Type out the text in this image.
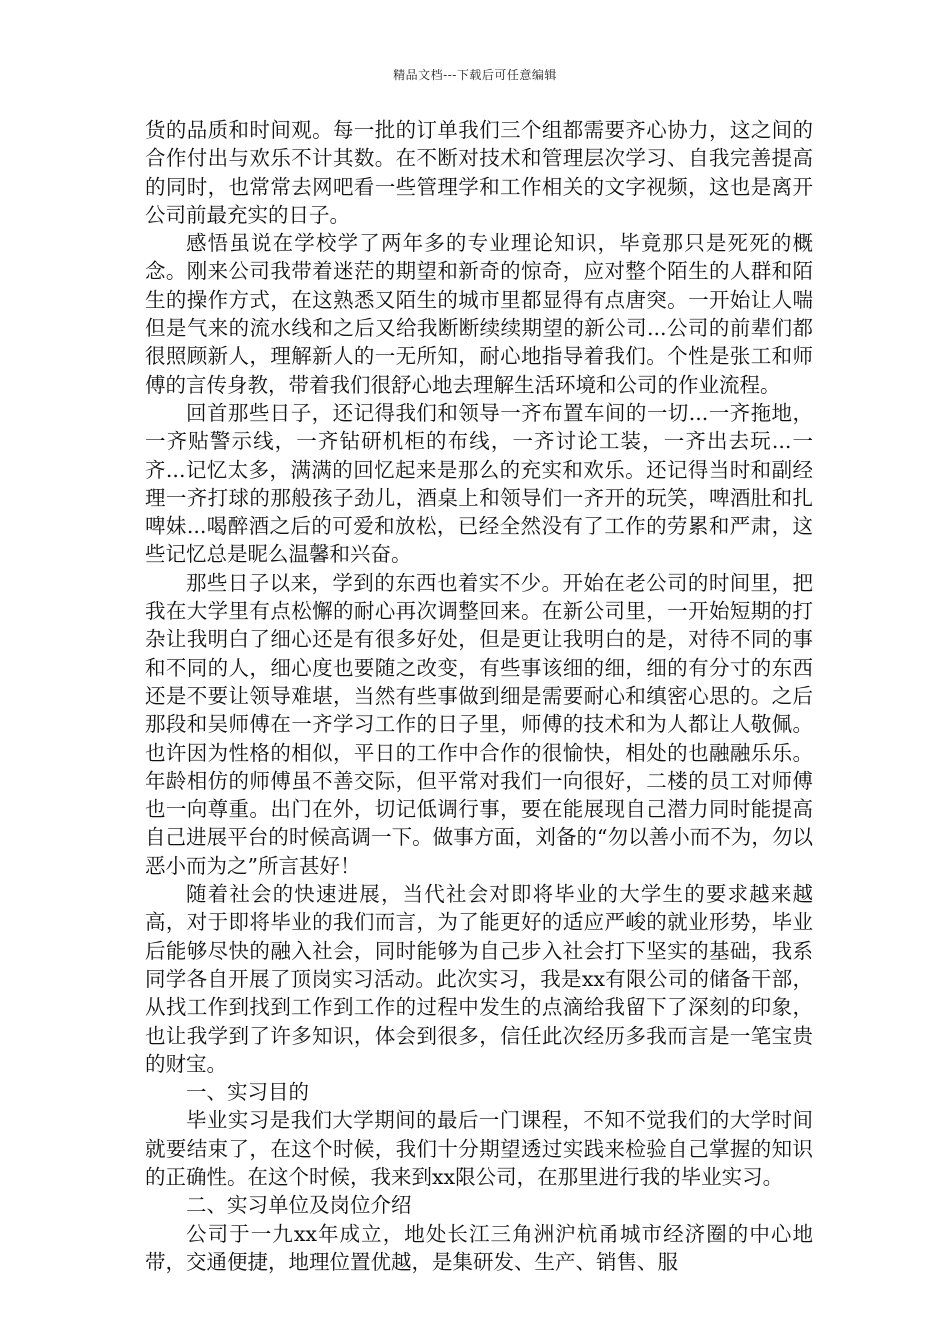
精品文档---下载后可任意编辑

货的品质和时间观。每一批的订单我们三个组都需要齐心协力，这之间的合作付出与欢乐不计其数。在不断对技术和管理层次学习、自我完善提高的同时，也常常去网吧看一些管理学和工作相关的文字视频，这也是离开公司前最充实的日子。

感悟虽说在学校学了两年多的专业理论知识，毕竟那只是死死的概念。刚来公司我带着迷茫的期望和新奇的惊奇，应对整个陌生的人群和陌生的操作方式，在这熟悉又陌生的城市里都显得有点唐突。一开始让人喘但是气来的流水线和之后又给我断断续续期望的新公司...公司的前辈们都很照顾新人，理解新人的一无所知，耐心地指导着我们。个性是张工和师傅的言传身教，带着我们很舒心地去理解生活环境和公司的作业流程。

回首那些日子，还记得我们和领导一齐布置车间的一切...一齐拖地，一齐贴警示线，一齐钻研机柜的布线，一齐讨论工装，一齐出去玩...一齐...记忆太多，满满的回忆起来是那么的充实和欢乐。还记得当时和副经理一齐打球的那般孩子劲儿，酒桌上和领导们一齐开的玩笑，啤酒肚和扎啤妹...喝醉酒之后的可爱和放松，已经全然没有了工作的劳累和严肃，这些记忆总是昵么温馨和兴奋。

那些日子以来，学到的东西也着实不少。开始在老公司的时间里，把我在大学里有点松懈的耐心再次调整回来。在新公司里，一开始短期的打杂让我明白了细心还是有很多好处，但是更让我明白的是，对待不同的事和不同的人，细心度也要随之改变，有些事该细的细，细的有分寸的东西还是不要让领导难堪，当然有些事做到细是需要耐心和缜密心思的。之后那段和吴师傅在一齐学习工作的日子里，师傅的技术和为人都让人敬佩。也许因为性格的相似，平日的工作中合作的很愉快，相处的也融融乐乐。年龄相仿的师傅虽不善交际，但平常对我们一向很好，二楼的员工对师傅也一向尊重。出门在外，切记低调行事，要在能展现自己潜力同时能提高自己进展平台的时候高调一下。做事方面，刘备的“勿以善小而不为，勿以恶小而为之”所言甚好！

随着社会的快速进展，当代社会对即将毕业的大学生的要求越来越高，对于即将毕业的我们而言，为了能更好的适应严峻的就业形势，毕业后能够尽快的融入社会，同时能够为自己步入社会打下坚实的基础，我系同学各自开展了顶岗实习活动。此次实习，我是xx有限公司的储备干部，从找工作到找到工作到工作的过程中发生的点滴给我留下了深刻的印象，也让我学到了许多知识，体会到很多，信任此次经历多我而言是一笔宝贵的财宝。

一、实习目的

毕业实习是我们大学期间的最后一门课程，不知不觉我们的大学时间就要结束了，在这个时候，我们十分期望透过实践来检验自己掌握的知识的正确性。在这个时候，我来到xx限公司，在那里进行我的毕业实习。

二、实习单位及岗位介绍

公司于一九xx年成立，地处长江三角洲沪杭甬城市经济圈的中心地带，交通便捷，地理位置优越，是集研发、生产、销售、服
